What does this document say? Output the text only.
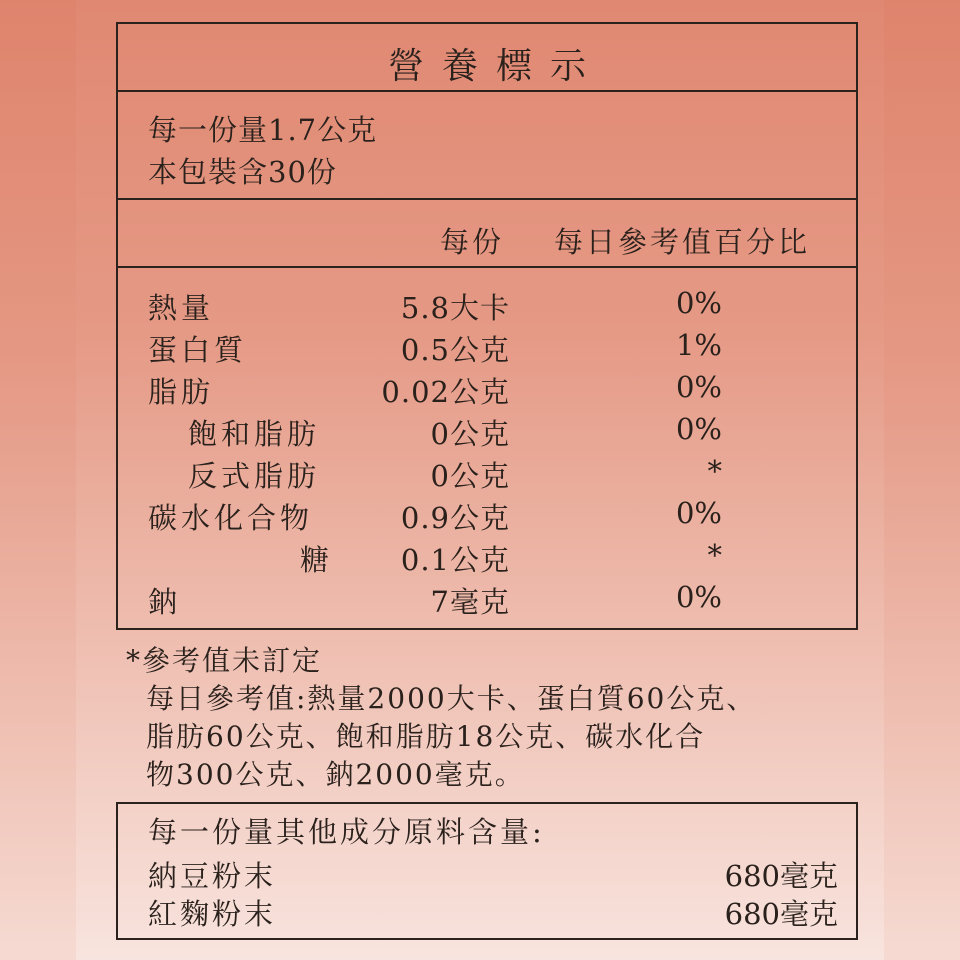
營養標示
每一份量1.7公克
本包裝含30份
每份 每日參考值百分比
熱量	5.8大卡	0%
蛋白質	0.5公克	1%
脂肪	0.02公克	0%
飽和脂肪	0公克	0%
反式脂肪	0公克	*
碳水化合物	0.9公克	0%
糖 0.1公克	*
鈉	7毫克	0%
*參考值未訂定
每日參考值:熱量2000大卡、蛋白質60公克、
脂肪60公克、飽和脂肪18公克、碳水化合
物300公克、鈉2000毫克。
每一份量其他成分原料含量:
納豆粉末	680毫克
紅麴粉末	680毫克
